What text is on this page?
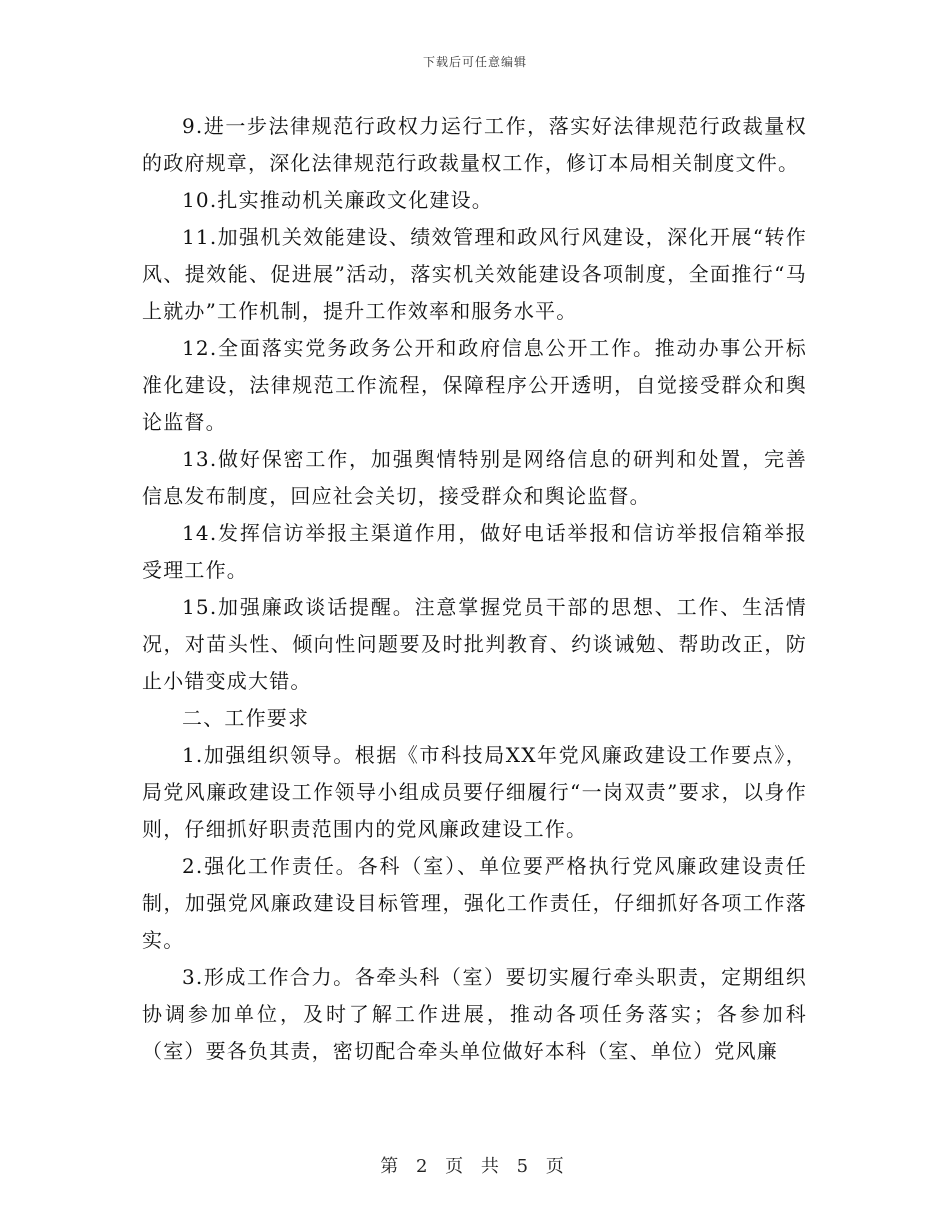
下载后可任意编辑

9.进一步法律规范行政权力运行工作，落实好法律规范行政裁量权的政府规章，深化法律规范行政裁量权工作，修订本局相关制度文件。

10.扎实推动机关廉政文化建设。

11.加强机关效能建设、绩效管理和政风行风建设，深化开展“转作风、提效能、促进展”活动，落实机关效能建设各项制度，全面推行“马上就办”工作机制，提升工作效率和服务水平。

12.全面落实党务政务公开和政府信息公开工作。推动办事公开标准化建设，法律规范工作流程，保障程序公开透明，自觉接受群众和舆论监督。

13.做好保密工作，加强舆情特别是网络信息的研判和处置，完善信息发布制度，回应社会关切，接受群众和舆论监督。

14.发挥信访举报主渠道作用，做好电话举报和信访举报信箱举报受理工作。

15.加强廉政谈话提醒。注意掌握党员干部的思想、工作、生活情况，对苗头性、倾向性问题要及时批判教育、约谈诫勉、帮助改正，防止小错变成大错。

二、工作要求

1.加强组织领导。根据《市科技局XX年党风廉政建设工作要点》，局党风廉政建设工作领导小组成员要仔细履行“一岗双责”要求，以身作则，仔细抓好职责范围内的党风廉政建设工作。

2.强化工作责任。各科（室）、单位要严格执行党风廉政建设责任制，加强党风廉政建设目标管理，强化工作责任，仔细抓好各项工作落实。

3.形成工作合力。各牵头科（室）要切实履行牵头职责，定期组织协调参加单位，及时了解工作进展，推动各项任务落实；各参加科（室）要各负其责，密切配合牵头单位做好本科（室、单位）党风廉

第 2 页 共 5 页
